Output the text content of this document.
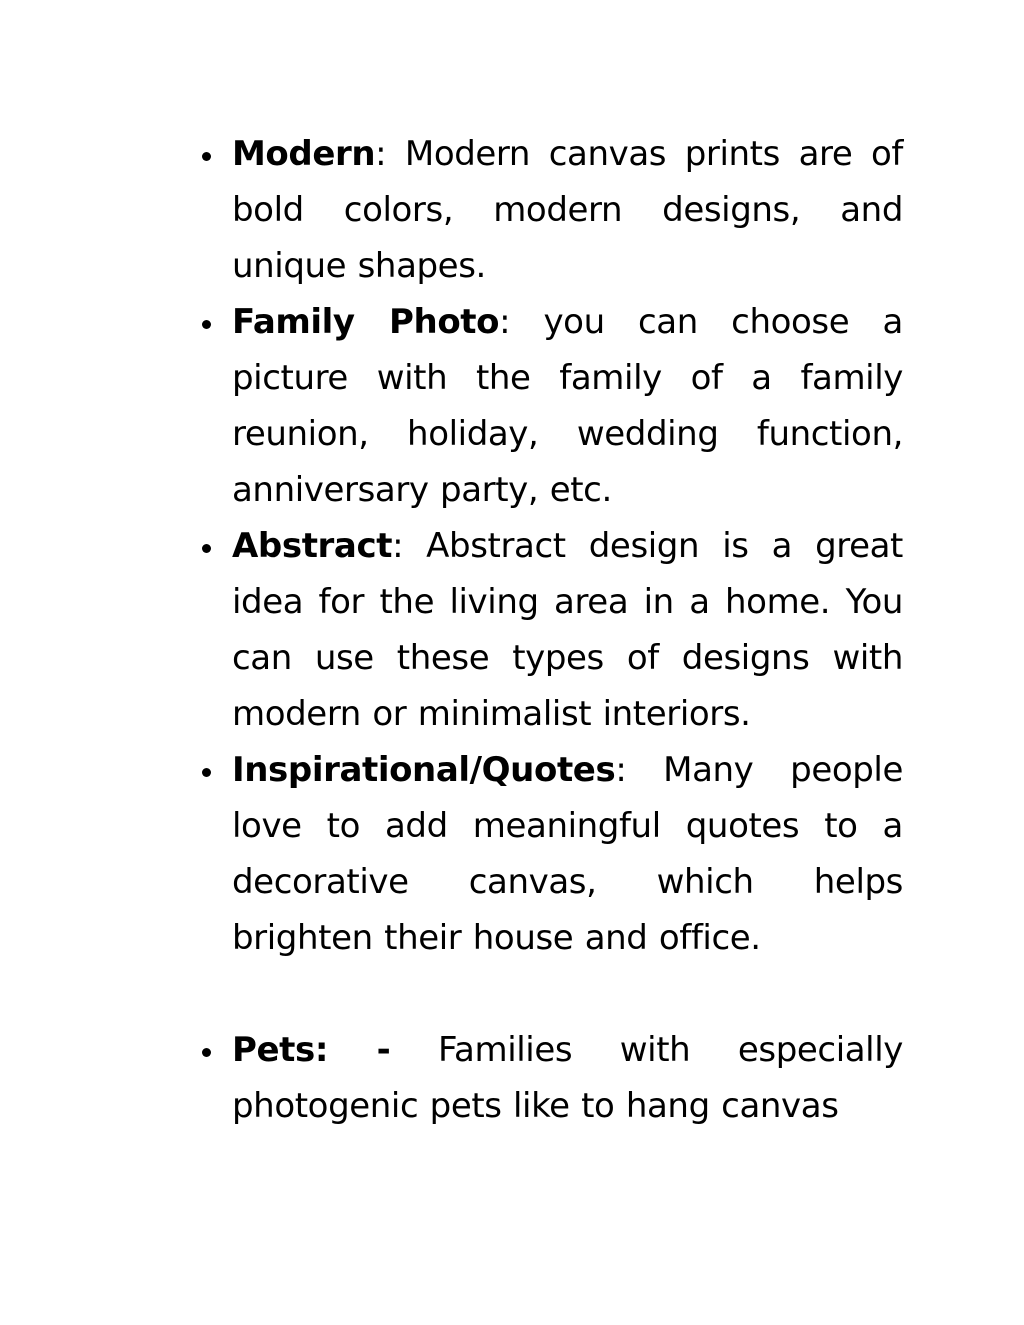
Modern: Modern canvas prints are of bold colors, modern designs, and unique shapes.
Family Photo: you can choose a picture with the family of a family reunion, holiday, wedding function, anniversary party, etc.
Abstract: Abstract design is a great idea for the living area in a home. You can use these types of designs with modern or minimalist interiors.
Inspirational/Quotes: Many people love to add meaningful quotes to a decorative canvas, which helps brighten their house and office.
Pets: - Families with especially photogenic pets like to hang canvas
